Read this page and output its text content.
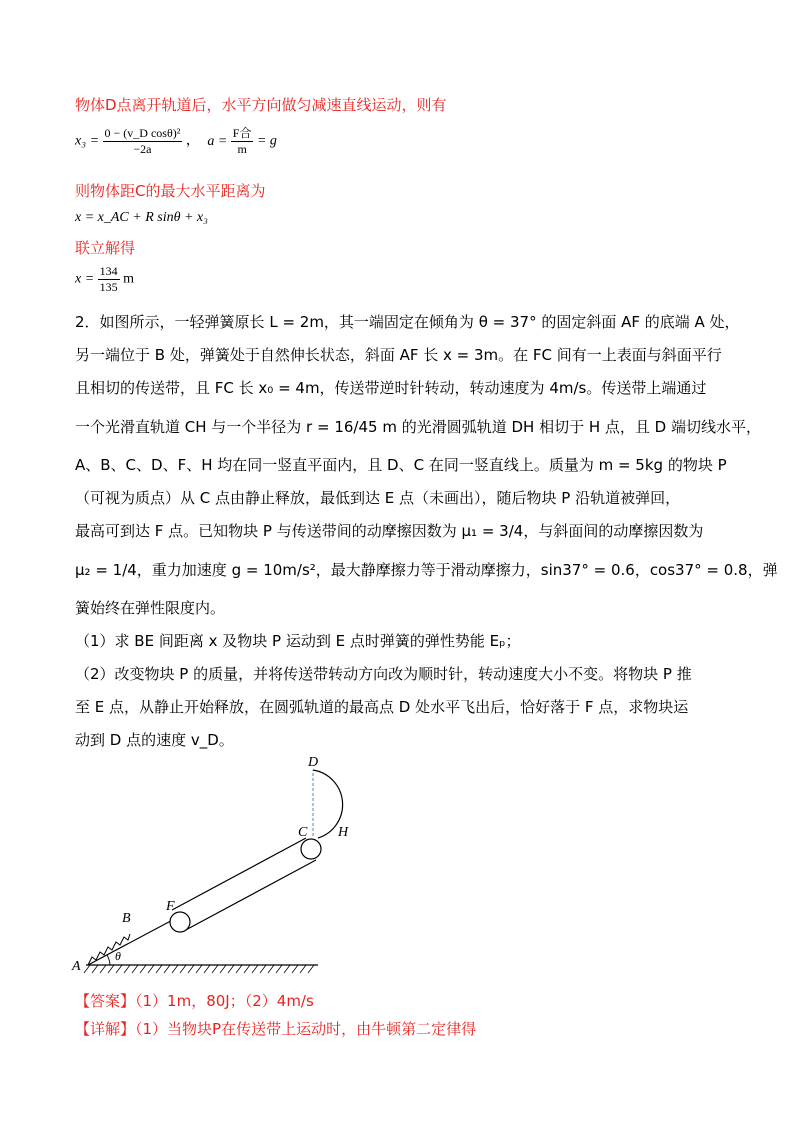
物体D点离开轨道后，水平方向做匀减速直线运动，则有
$x_3 = \frac{\text{0 − (v\_D cosθ)²}}{-2a}$ ， $a = \frac{\text{F合}}{m} = g$
则物体距C的最大水平距离为
x = x_AC + R sinθ + x₃
联立解得
$x = \frac{134}{135}$ m
2．如图所示，一轻弹簧原长 L = 2m，其一端固定在倾角为 θ = 37° 的固定斜面 AF 的底端 A 处，
另一端位于 B 处，弹簧处于自然伸长状态，斜面 AF 长 x = 3m。在 FC 间有一上表面与斜面平行
且相切的传送带，且 FC 长 x₀ = 4m，传送带逆时针转动，转动速度为 4m/s。传送带上端通过
一个光滑直轨道 CH 与一个半径为 r = 16/45 m 的光滑圆弧轨道 DH 相切于 H 点，且 D 端切线水平，
A、B、C、D、F、H 均在同一竖直平面内，且 D、C 在同一竖直线上。质量为 m = 5kg 的物块 P
（可视为质点）从 C 点由静止释放，最低到达 E 点（未画出），随后物块 P 沿轨道被弹回，
最高可到达 F 点。已知物块 P 与传送带间的动摩擦因数为 μ₁ = 3/4，与斜面间的动摩擦因数为
μ₂ = 1/4，重力加速度 g = 10m/s²，最大静摩擦力等于滑动摩擦力，sin37° = 0.6，cos37° = 0.8，弹
簧始终在弹性限度内。
（1）求 BE 间距离 x 及物块 P 运动到 E 点时弹簧的弹性势能 Eₚ；
（2）改变物块 P 的质量，并将传送带转动方向改为顺时针，转动速度大小不变。将物块 P 推
至 E 点，从静止开始释放，在圆弧轨道的最高点 D 处水平飞出后，恰好落于 F 点，求物块运
动到 D 点的速度 v_D。
A
B
F
C
D
H
θ
【答案】（1）1m，80J；（2）4m/s
【详解】（1）当物块P在传送带上运动时，由牛顿第二定律得
